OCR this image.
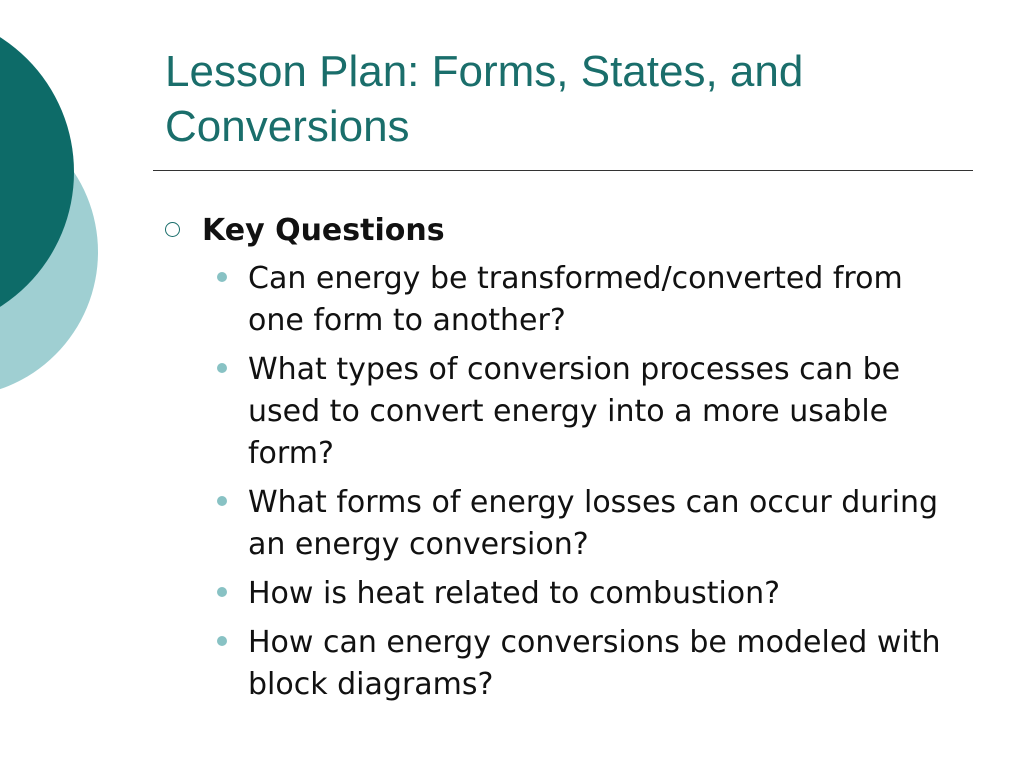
Lesson Plan: Forms, States, and Conversions
Key Questions
Can energy be transformed/converted from one form to another?
What types of conversion processes can be used to convert energy into a more usable form?
What forms of energy losses can occur during an energy conversion?
How is heat related to combustion?
How can energy conversions be modeled with block diagrams?
